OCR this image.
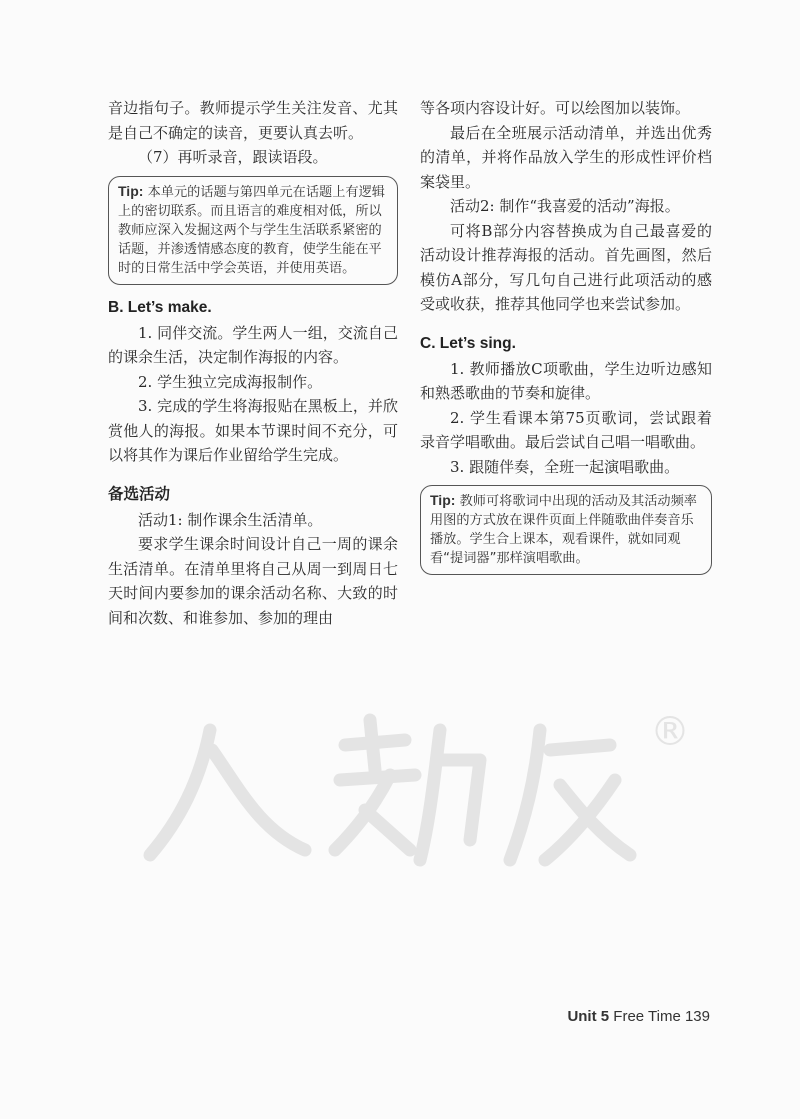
音边指句子。教师提示学生关注发音、尤其是自己不确定的读音，更要认真去听。

（7）再听录音，跟读语段。

Tip: 本单元的话题与第四单元在话题上有逻辑上的密切联系。而且语言的难度相对低，所以教师应深入发掘这两个与学生生活联系紧密的话题，并渗透情感态度的教育，使学生能在平时的日常生活中学会英语，并使用英语。
B. Let’s make.

1. 同伴交流。学生两人一组，交流自己的课余生活，决定制作海报的内容。

2. 学生独立完成海报制作。

3. 完成的学生将海报贴在黑板上，并欣赏他人的海报。如果本节课时间不充分，可以将其作为课后作业留给学生完成。

备选活动

活动1: 制作课余生活清单。

要求学生课余时间设计自己一周的课余生活清单。在清单里将自己从周一到周日七天时间内要参加的课余活动名称、大致的时间和次数、和谁参加、参加的理由

等各项内容设计好。可以绘图加以装饰。

最后在全班展示活动清单，并选出优秀的清单，并将作品放入学生的形成性评价档案袋里。

活动2: 制作“我喜爱的活动”海报。

可将B部分内容替换成为自己最喜爱的活动设计推荐海报的活动。首先画图，然后模仿A部分，写几句自己进行此项活动的感受或收获，推荐其他同学也来尝试参加。

C. Let’s sing.

1. 教师播放C项歌曲，学生边听边感知和熟悉歌曲的节奏和旋律。

2. 学生看课本第75页歌词，尝试跟着录音学唱歌曲。最后尝试自己唱一唱歌曲。

3. 跟随伴奏，全班一起演唱歌曲。

Tip: 教师可将歌词中出现的活动及其活动频率用图的方式放在课件页面上伴随歌曲伴奏音乐播放。学生合上课本，观看课件，就如同观看“提词器”那样演唱歌曲。
®
Unit 5 Free Time 139
